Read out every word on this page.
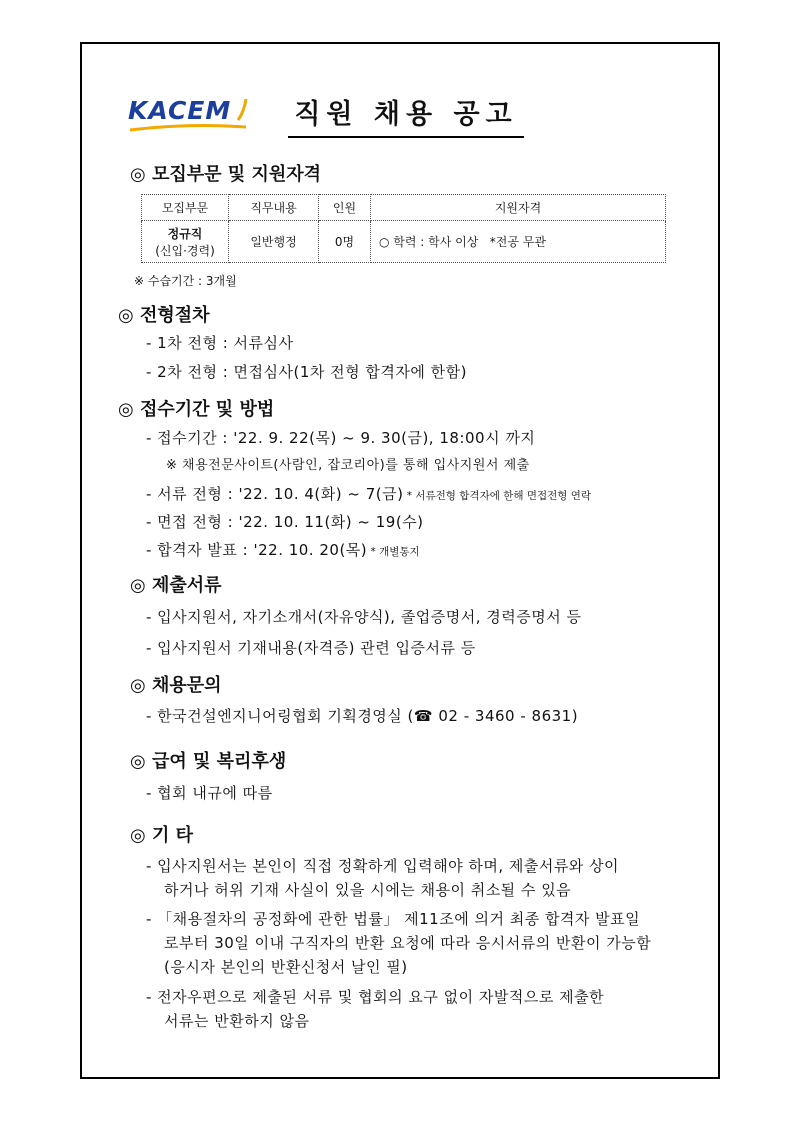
KACEM 직원 채용 공고
◎ 모집부문 및 지원자격
모집부문	직무내용	인원	지원자격

정규직
(신입·경력)	일반행정	0명	○ 학력 : 학사 이상   *전공 무관
※ 수습기간 : 3개월
◎ 전형절차
- 1차 전형 : 서류심사
- 2차 전형 : 면접심사(1차 전형 합격자에 한함)
◎ 접수기간 및 방법
- 접수기간 : '22. 9. 22(목) ~ 9. 30(금), 18:00시 까지
※ 채용전문사이트(사람인, 잡코리아)를 통해 입사지원서 제출
- 서류 전형 : '22. 10. 4(화) ~ 7(금) * 서류전형 합격자에 한해 면접전형 연락
- 면접 전형 : '22. 10. 11(화) ~ 19(수)
- 합격자 발표 : '22. 10. 20(목) * 개별통지
◎ 제출서류
- 입사지원서, 자기소개서(자유양식), 졸업증명서, 경력증명서 등
- 입사지원서 기재내용(자격증) 관련 입증서류 등
◎ 채용문의
- 한국건설엔지니어링협회 기획경영실 (☎ 02 - 3460 - 8631)
◎ 급여 및 복리후생
- 협회 내규에 따름
◎ 기 타
- 입사지원서는 본인이 직접 정확하게 입력해야 하며, 제출서류와 상이
하거나 허위 기재 사실이 있을 시에는 채용이 취소될 수 있음
- 「채용절차의 공정화에 관한 법률」 제11조에 의거 최종 합격자 발표일
로부터 30일 이내 구직자의 반환 요청에 따라 응시서류의 반환이 가능함
(응시자 본인의 반환신청서 날인 필)
- 전자우편으로 제출된 서류 및 협회의 요구 없이 자발적으로 제출한
서류는 반환하지 않음
